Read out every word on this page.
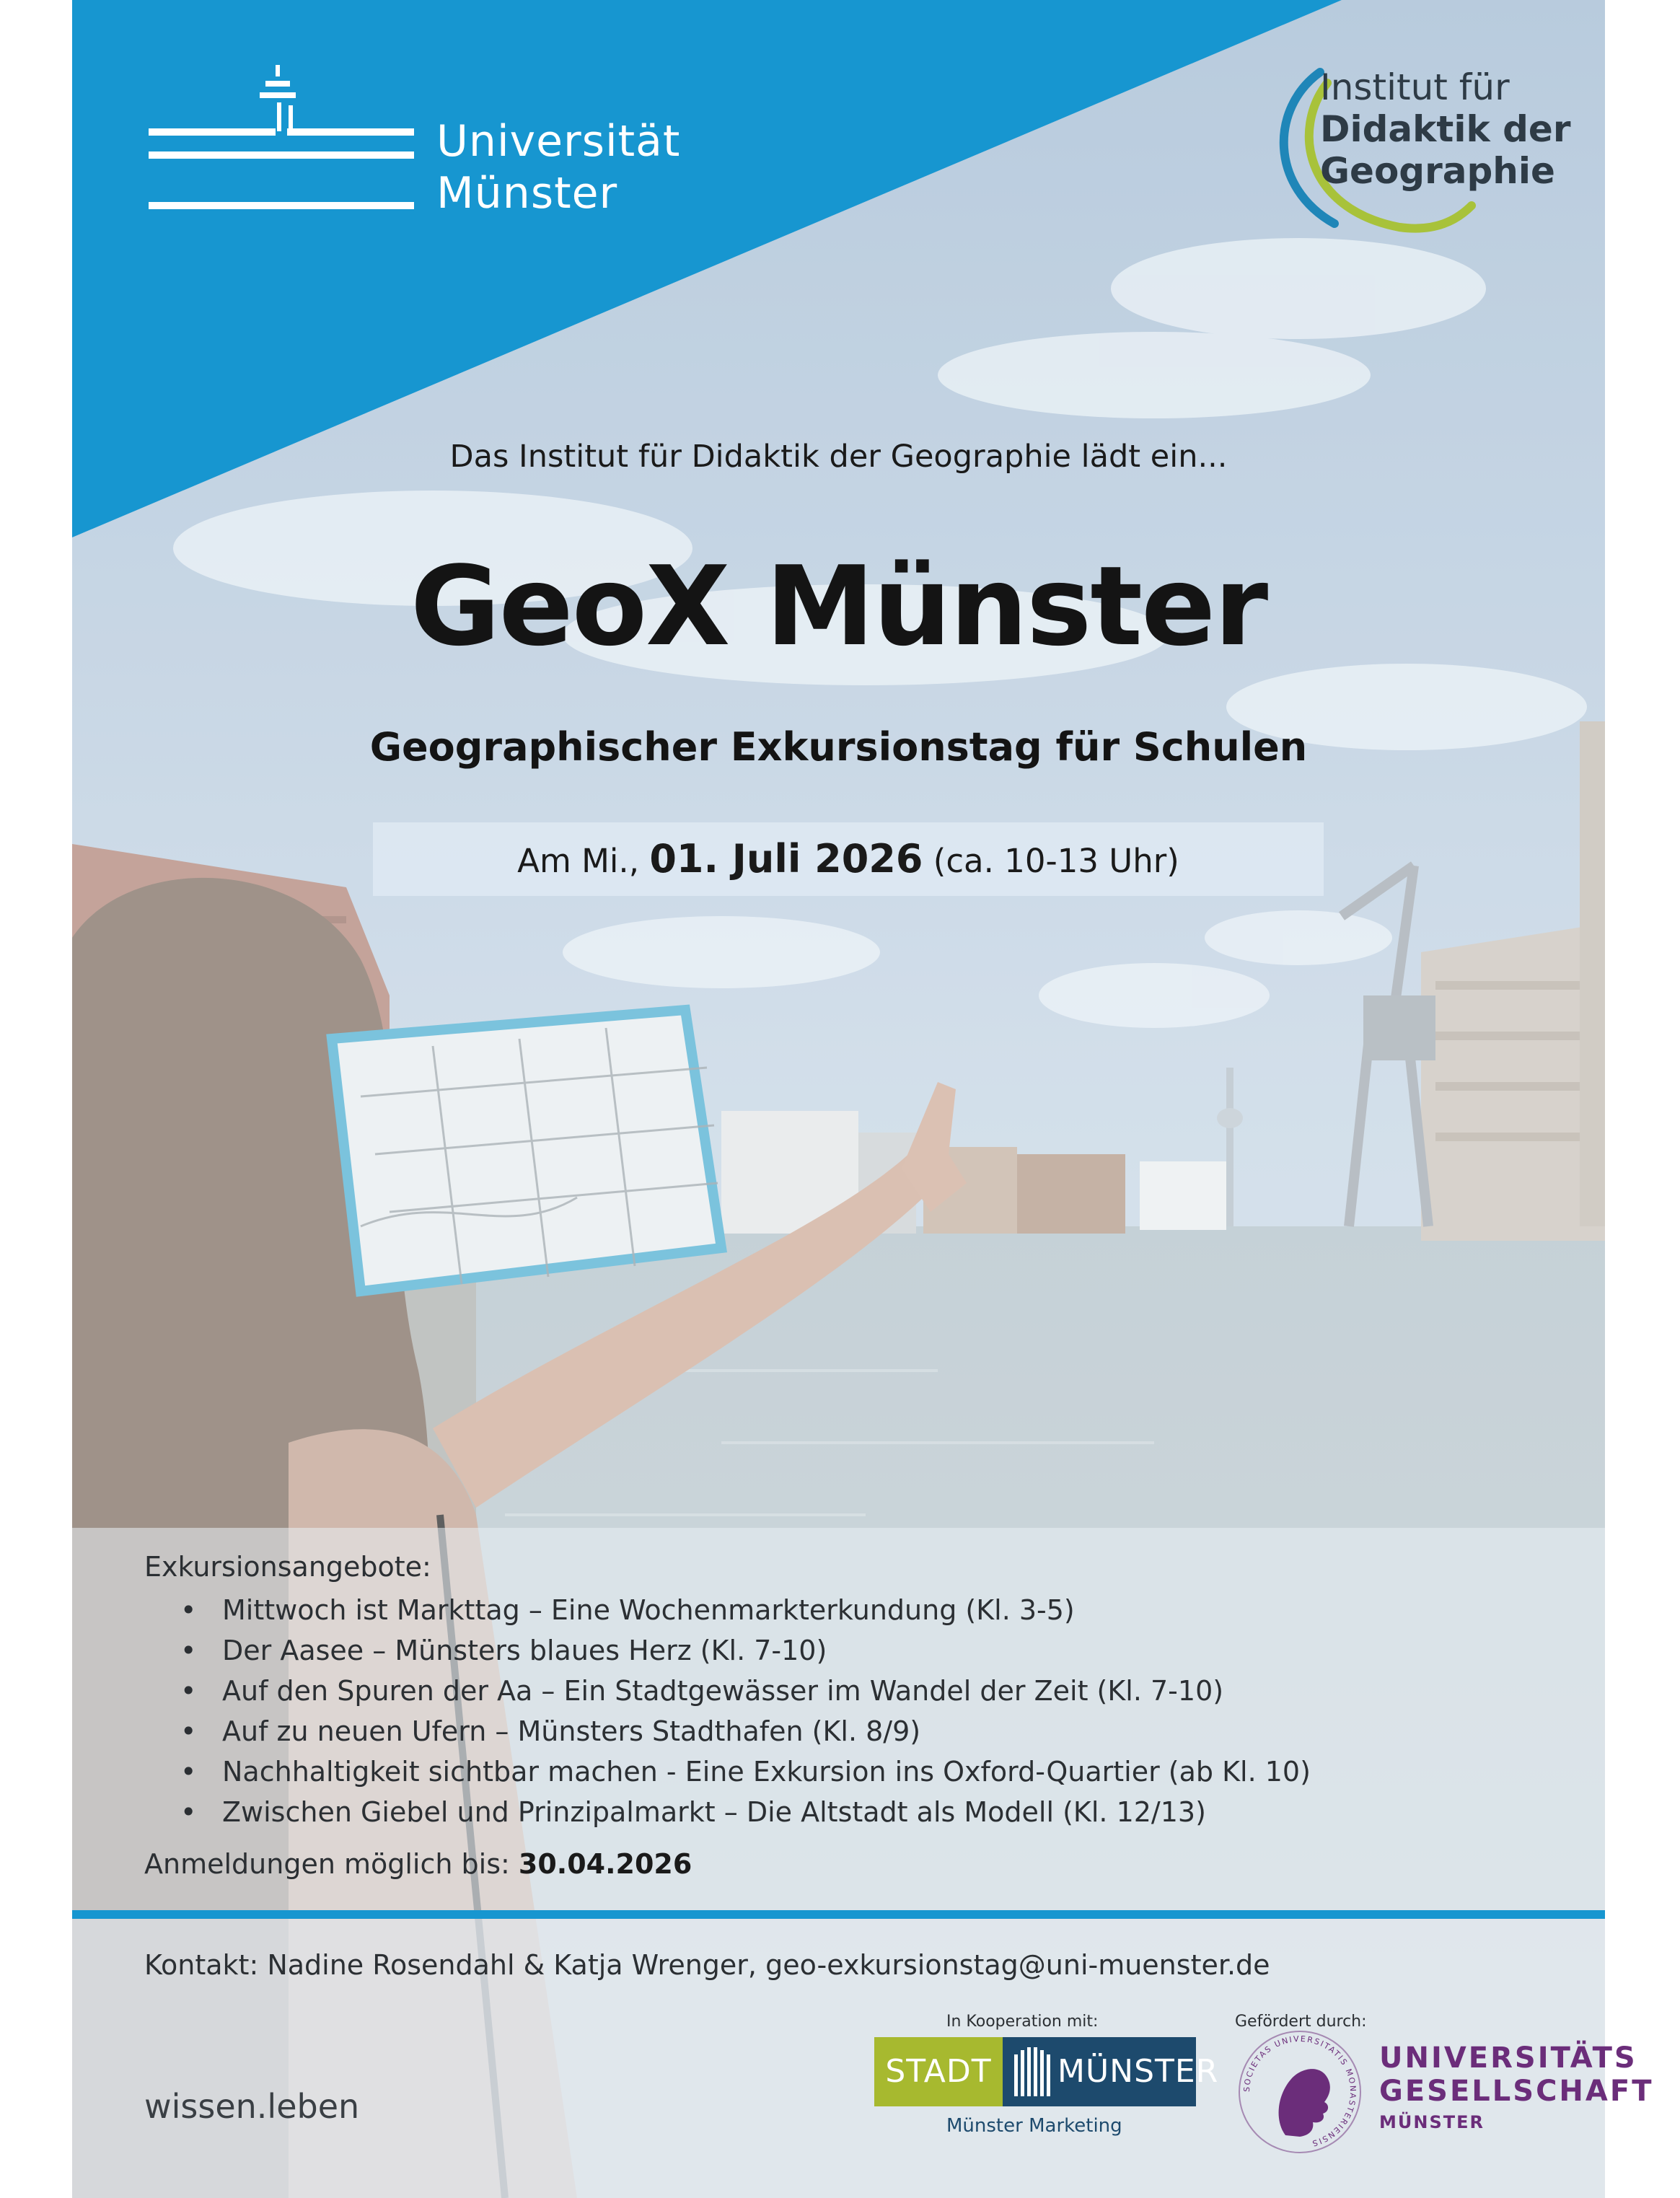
Universität
Münster
Institut für
Didaktik der
Geographie
Das Institut für Didaktik der Geographie lädt ein...
GeoX Münster
Geographischer Exkursionstag für Schulen
Am Mi., 01. Juli 2026 (ca. 10-13 Uhr)
Exkursionsangebote:
• Mittwoch ist Markttag – Eine Wochenmarkterkundung (Kl. 3-5)
• Der Aasee – Münsters blaues Herz (Kl. 7-10)
• Auf den Spuren der Aa – Ein Stadtgewässer im Wandel der Zeit (Kl. 7-10)
• Auf zu neuen Ufern – Münsters Stadthafen (Kl. 8/9)
• Nachhaltigkeit sichtbar machen - Eine Exkursion ins Oxford-Quartier (ab Kl. 10)
• Zwischen Giebel und Prinzipalmarkt – Die Altstadt als Modell (Kl. 12/13)
Anmeldungen möglich bis: 30.04.2026
Kontakt: Nadine Rosendahl & Katja Wrenger, geo-exkursionstag@uni-muenster.de
wissen.leben
In Kooperation mit:
STADT	MÜNSTER
Münster Marketing
Gefördert durch:
SOCIETAS UNIVERSITATIS MONASTERIENSIS
UNIVERSITÄTS
GESELLSCHAFT
MÜNSTER
